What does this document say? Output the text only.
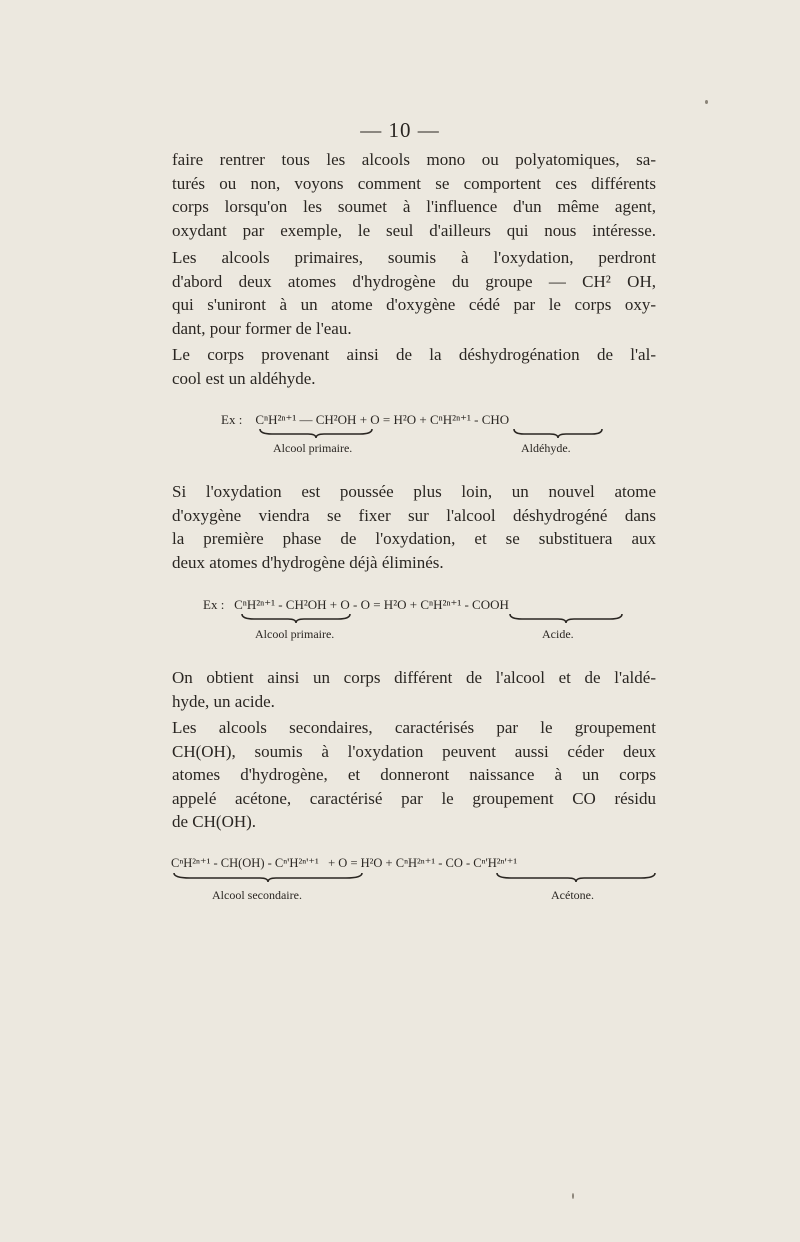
— 10 —
faire rentrer tous les alcools mono ou polyatomiques, sa-
turés ou non, voyons comment se comportent ces différents
corps lorsqu'on les soumet à l'influence d'un même agent,
oxydant par exemple, le seul d'ailleurs qui nous intéresse.
Les alcools primaires, soumis à l'oxydation, perdront
d'abord deux atomes d'hydrogène du groupe — CH² OH,
qui s'uniront à un atome d'oxygène cédé par le corps oxy-
dant, pour former de l'eau.
Le corps provenant ainsi de la déshydrogénation de l'al-
cool est un aldéhyde.
Ex : CⁿH²ⁿ⁺¹ — CH²OH + O = H²O + CⁿH²ⁿ⁺¹ - CHO
Alcool primaire.	Aldéhyde.
Si l'oxydation est poussée plus loin, un nouvel atome
d'oxygène viendra se fixer sur l'alcool déshydrogéné dans
la première phase de l'oxydation, et se substituera aux
deux atomes d'hydrogène déjà éliminés.
Ex : CⁿH²ⁿ⁺¹ - CH²OH + O - O = H²O + CⁿH²ⁿ⁺¹ - COOH
Alcool primaire.	Acide.
On obtient ainsi un corps différent de l'alcool et de l'aldé-
hyde, un acide.
Les alcools secondaires, caractérisés par le groupement
CH(OH), soumis à l'oxydation peuvent aussi céder deux
atomes d'hydrogène, et donneront naissance à un corps
appelé acétone, caractérisé par le groupement CO résidu
de CH(OH).
CⁿH²ⁿ⁺¹ - CH(OH) - Cⁿ'H²ⁿ'⁺¹ + O = H²O + CⁿH²ⁿ⁺¹ - CO - Cⁿ'H²ⁿ'⁺¹
Alcool secondaire.	Acétone.
